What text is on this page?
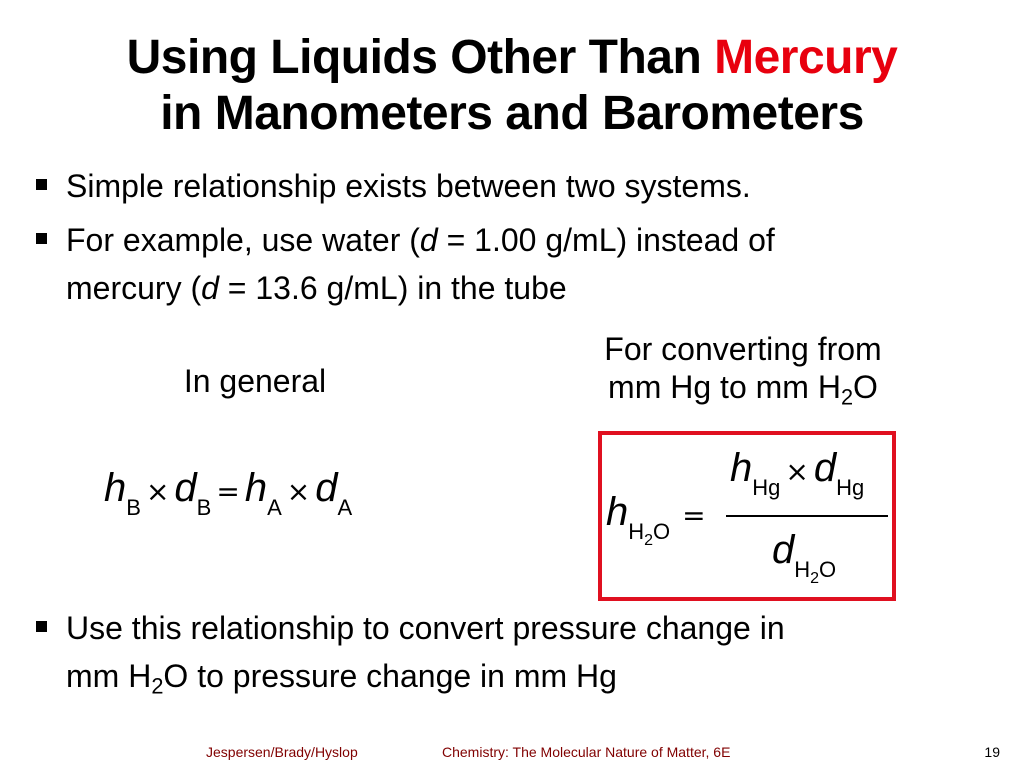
Using Liquids Other Than Mercury
in Manometers and Barometers
Simple relationship exists between two systems.
For example, use water (d = 1.00 g/mL) instead of
mercury (d = 13.6 g/mL) in the tube
In general
For converting from
mm Hg to mm $H_2O$
hB × dB = hA × dA	$hH_2O$ =
hHg × dHg
$dH_2O$
Use this relationship to convert pressure change in
mm $H_2O$ to pressure change in mm Hg
Jespersen/Brady/Hyslop	Chemistry: The Molecular Nature of Matter, 6E	19
